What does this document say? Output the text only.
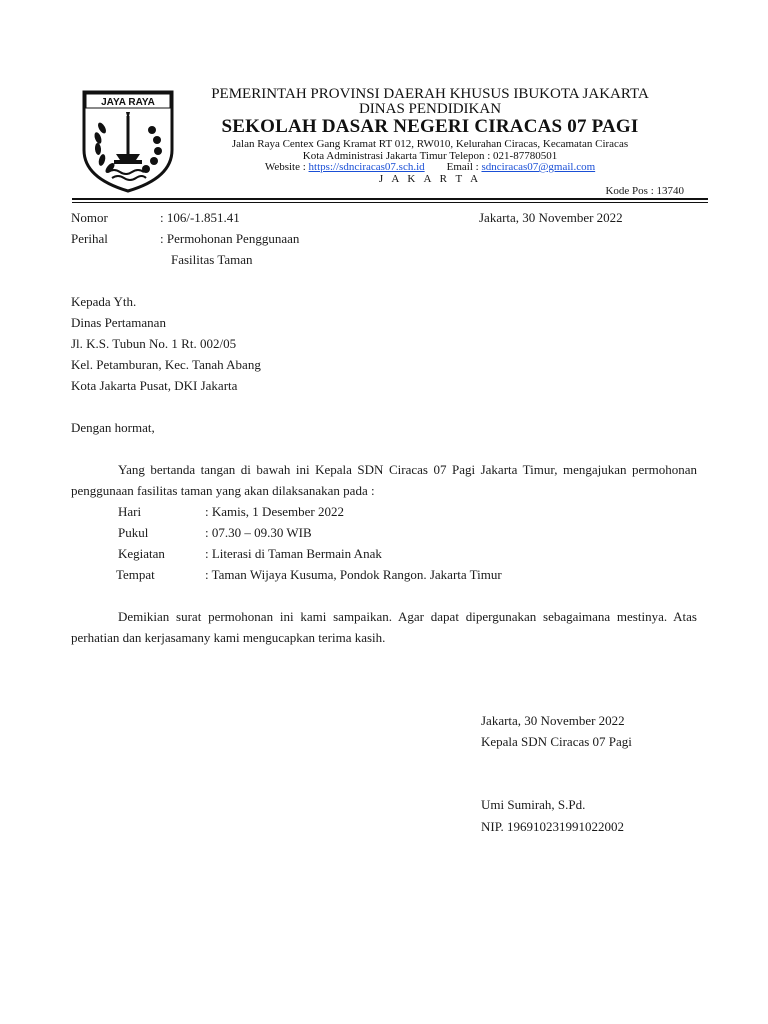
JAYA RAYA
PEMERINTAH PROVINSI DAERAH KHUSUS IBUKOTA JAKARTA
DINAS PENDIDIKAN
SEKOLAH DASAR NEGERI CIRACAS 07 PAGI
Jalan Raya Centex Gang Kramat RT 012, RW010, Kelurahan Ciracas, Kecamatan Ciracas
Kota Administrasi Jakarta Timur Telepon : 021-87780501
Website : https://sdnciracas07.sch.id Email : sdnciracas07@gmail.com
J A K A R T A
Kode Pos : 13740
Nomor	: 106/-1.851.41	Jakarta, 30 November 2022
Perihal	: Permohonan Penggunaan
Fasilitas Taman
Kepada Yth.
Dinas Pertamanan
Jl. K.S. Tubun No. 1 Rt. 002/05
Kel. Petamburan, Kec. Tanah Abang
Kota Jakarta Pusat, DKI Jakarta
Dengan hormat,
Yang bertanda tangan di bawah ini Kepala SDN Ciracas 07 Pagi Jakarta Timur, mengajukan permohonan penggunaan fasilitas taman yang akan dilaksanakan pada :
Hari	: Kamis, 1 Desember 2022
Pukul	: 07.30 – 09.30 WIB
Kegiatan	: Literasi di Taman Bermain Anak
Tempat	: Taman Wijaya Kusuma, Pondok Rangon. Jakarta Timur
Demikian surat permohonan ini kami sampaikan. Agar dapat dipergunakan sebagaimana mestinya. Atas perhatian dan kerjasamany kami mengucapkan terima kasih.
Jakarta, 30 November 2022
Kepala SDN Ciracas 07 Pagi
Umi Sumirah, S.Pd.
NIP. 196910231991022002
